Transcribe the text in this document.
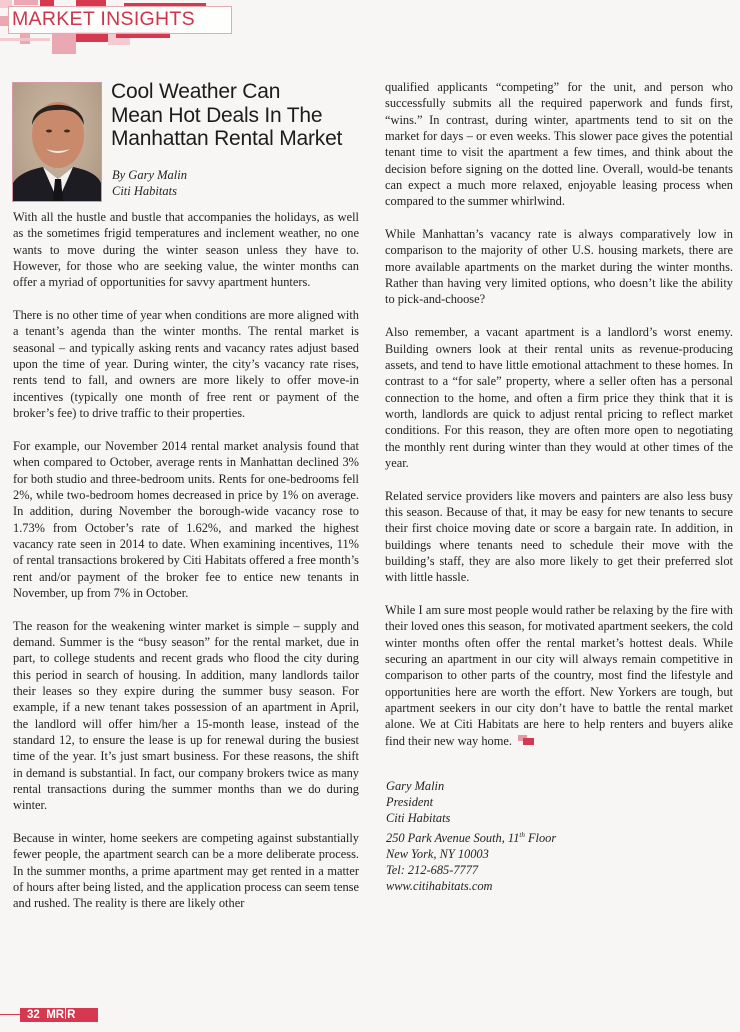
MARKET INSIGHTS
Cool Weather Can
Mean Hot Deals In The
Manhattan Rental Market
By Gary Malin
Citi Habitats

With all the hustle and bustle that accompanies the holidays, as well as the sometimes frigid temperatures and inclement weather, no one wants to move during the winter season unless they have to. However, for those who are seeking value, the winter months can offer a myriad of opportunities for savvy apartment hunters.

There is no other time of year when conditions are more aligned with a tenant’s agenda than the winter months. The rental market is seasonal – and typically asking rents and vacancy rates adjust based upon the time of year. During winter, the city’s vacancy rate rises, rents tend to fall, and owners are more likely to offer move-in incentives (typically one month of free rent or payment of the broker’s fee) to drive traffic to their properties.

For example, our November 2014 rental market analysis found that when compared to October, average rents in Manhattan declined 3% for both studio and three-bedroom units. Rents for one-bedrooms fell 2%, while two-bedroom homes decreased in price by 1% on average. In addition, during November the borough-wide vacancy rose to 1.73% from October’s rate of 1.62%, and marked the highest vacancy rate seen in 2014 to date. When examining incentives, 11% of rental transactions brokered by Citi Habitats offered a free month’s rent and/or payment of the broker fee to entice new tenants in November, up from 7% in October.

The reason for the weakening winter market is simple – supply and demand. Summer is the “busy season” for the rental market, due in part, to college students and recent grads who flood the city during this period in search of housing. In addition, many landlords tailor their leases so they expire during the summer busy season. For example, if a new tenant takes possession of an apartment in April, the landlord will offer him/her a 15-month lease, instead of the standard 12, to ensure the lease is up for renewal during the busiest time of the year. It’s just smart business. For these reasons, the shift in demand is substantial. In fact, our company brokers twice as many rental transactions during the summer months than we do during winter.

Because in winter, home seekers are competing against substantially fewer people, the apartment search can be a more deliberate process. In the summer months, a prime apartment may get rented in a matter of hours after being listed, and the application process can seem tense and rushed. The reality is there are likely other

qualified applicants “competing” for the unit, and person who successfully submits all the required paperwork and funds first, “wins.” In contrast, during winter, apartments tend to sit on the market for days – or even weeks. This slower pace gives the potential tenant time to visit the apartment a few times, and think about the decision before signing on the dotted line. Overall, would-be tenants can expect a much more relaxed, enjoyable leasing process when compared to the summer whirlwind.

While Manhattan’s vacancy rate is always comparatively low in comparison to the majority of other U.S. housing markets, there are more available apartments on the market during the winter months. Rather than having very limited options, who doesn’t like the ability to pick-and-choose?

Also remember, a vacant apartment is a landlord’s worst enemy. Building owners look at their rental units as revenue-producing assets, and tend to have little emotional attachment to these homes. In contrast to a “for sale” property, where a seller often has a personal connection to the home, and often a firm price they think that it is worth, landlords are quick to adjust rental pricing to reflect market conditions. For this reason, they are often more open to negotiating the monthly rent during winter than they would at other times of the year.

Related service providers like movers and painters are also less busy this season. Because of that, it may be easy for new tenants to secure their first choice moving date or score a bargain rate. In addition, in buildings where tenants need to schedule their move with the building’s staff, they are also more likely to get their preferred slot with little hassle.

While I am sure most people would rather be relaxing by the fire with their loved ones this season, for motivated apartment seekers, the cold winter months often offer the rental market’s hottest deals. While securing an apartment in our city will always remain competitive in comparison to other parts of the country, most find the lifestyle and opportunities here are worth the effort. New Yorkers are tough, but apartment seekers in our city don’t have to battle the rental market alone. We at Citi Habitats are here to help renters and buyers alike find their new way home.

Gary Malin
President
Citi Habitats
250 Park Avenue South, 11th Floor
New York, NY 10003
Tel: 212-685-7777
www.citihabitats.com
32 MR R
